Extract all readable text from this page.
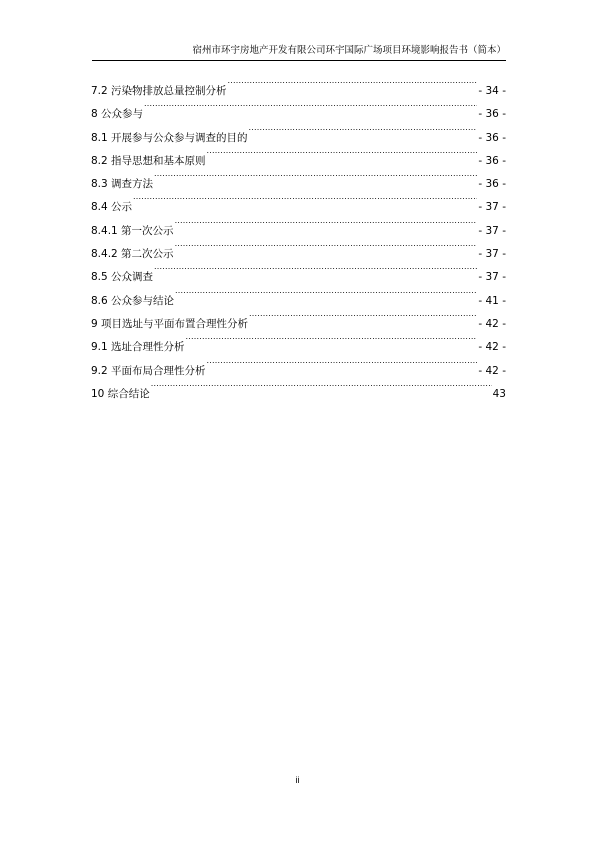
宿州市环宇房地产开发有限公司环宇国际广场项目环境影响报告书（简本）
7.2 污染物排放总量控制分析 .....	- 34 -
8 公众参与 .....	- 36 -
8.1 开展参与公众参与调查的目的 .....	- 36 -
8.2 指导思想和基本原则 .....	- 36 -
8.3 调查方法 .....	- 36 -
8.4 公示 .....	- 37 -
8.4.1 第一次公示 .....	- 37 -
8.4.2 第二次公示 .....	- 37 -
8.5 公众调查 .....	- 37 -
8.6 公众参与结论 .....	- 41 -
9 项目选址与平面布置合理性分析 .....	- 42 -
9.1 选址合理性分析 .....	- 42 -
9.2 平面布局合理性分析 .....	- 42 -
10 综合结论 .....	43
ii
